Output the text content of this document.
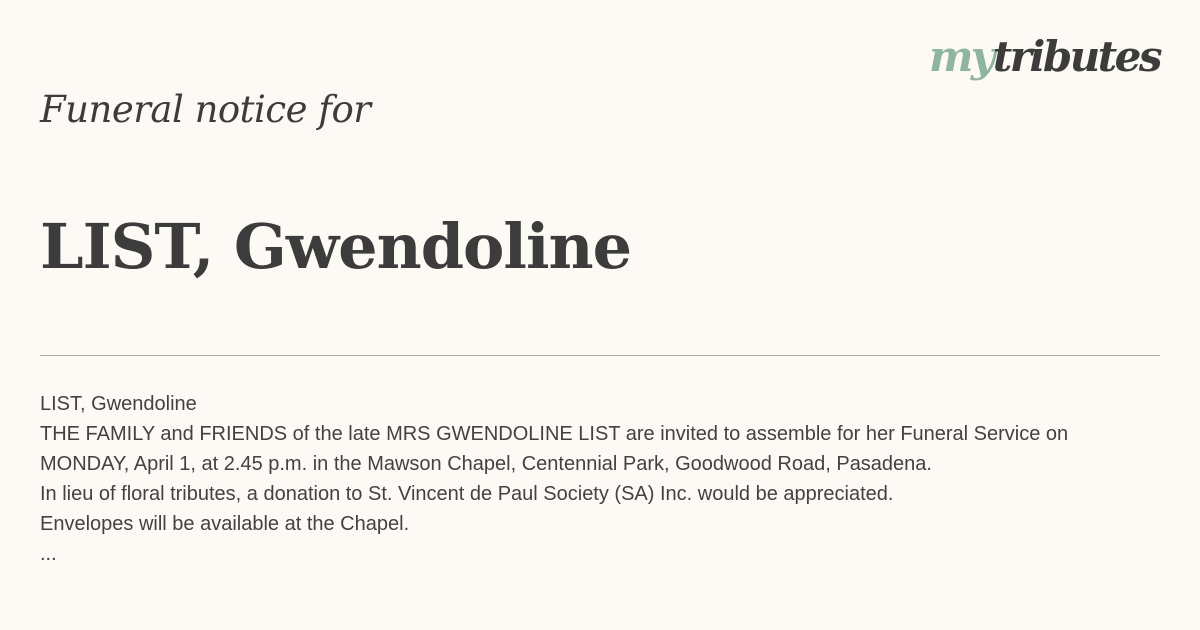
mytributes
Funeral notice for
LIST, Gwendoline
LIST, Gwendoline
THE FAMILY and FRIENDS of the late MRS GWENDOLINE LIST are invited to assemble for her Funeral Service on
MONDAY, April 1, at 2.45 p.m. in the Mawson Chapel, Centennial Park, Goodwood Road, Pasadena.
In lieu of floral tributes, a donation to St. Vincent de Paul Society (SA) Inc. would be appreciated.
Envelopes will be available at the Chapel.
...
